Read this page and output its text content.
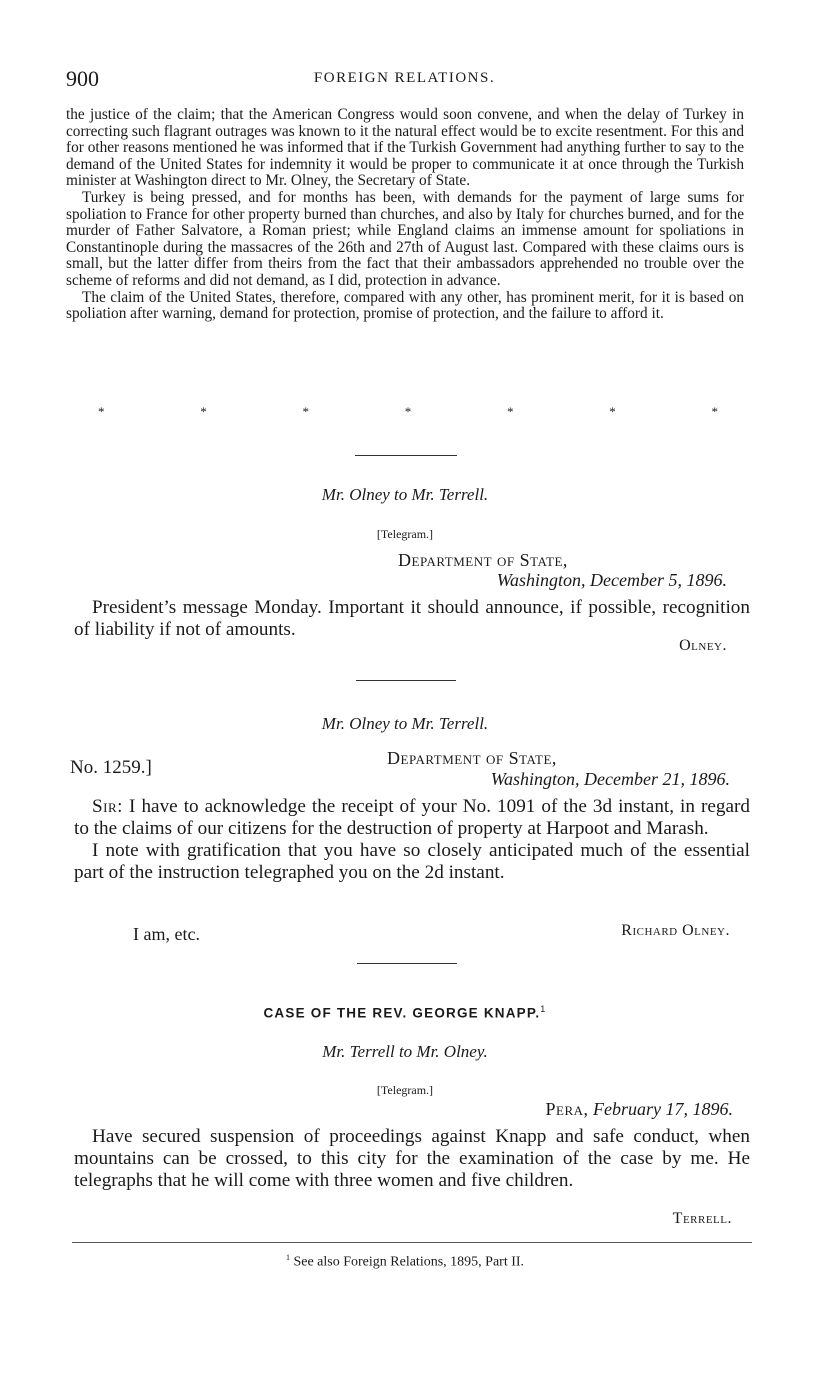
900	FOREIGN RELATIONS.

the justice of the claim; that the American Congress would soon convene, and when the delay of Turkey in correcting such flagrant outrages was known to it the natural effect would be to excite resentment. For this and for other reasons mentioned he was informed that if the Turkish Government had anything further to say to the demand of the United States for indemnity it would be proper to communicate it at once through the Turkish minister at Washington direct to Mr. Olney, the Secretary of State.

Turkey is being pressed, and for months has been, with demands for the payment of large sums for spoliation to France for other property burned than churches, and also by Italy for churches burned, and for the murder of Father Salvatore, a Roman priest; while England claims an immense amount for spoliations in Constantinople during the massacres of the 26th and 27th of August last. Compared with these claims ours is small, but the latter differ from theirs from the fact that their ambassadors apprehended no trouble over the scheme of reforms and did not demand, as I did, protection in advance.

The claim of the United States, therefore, compared with any other, has prominent merit, for it is based on spoliation after warning, demand for protection, promise of protection, and the failure to afford it.

*	*	*	*	*	*	*
Mr. Olney to Mr. Terrell.
[Telegram.]
Department of State,
Washington, December 5, 1896.

President’s message Monday. Important it should announce, if possible, recognition of liability if not of amounts.

Olney.
Mr. Olney to Mr. Terrell.
No. 1259.]	Department of State,
Washington, December 21, 1896.

Sir: I have to acknowledge the receipt of your No. 1091 of the 3d instant, in regard to the claims of our citizens for the destruction of property at Harpoot and Marash.

I note with gratification that you have so closely anticipated much of the essential part of the instruction telegraphed you on the 2d instant.

I am, etc.	Richard Olney.
CASE OF THE REV. GEORGE KNAPP.$^1$
Mr. Terrell to Mr. Olney.
[Telegram.]
Pera, February 17, 1896.

Have secured suspension of proceedings against Knapp and safe conduct, when mountains can be crossed, to this city for the examination of the case by me. He telegraphs that he will come with three women and five children.

Terrell.
$^1$ See also Foreign Relations, 1895, Part II.
